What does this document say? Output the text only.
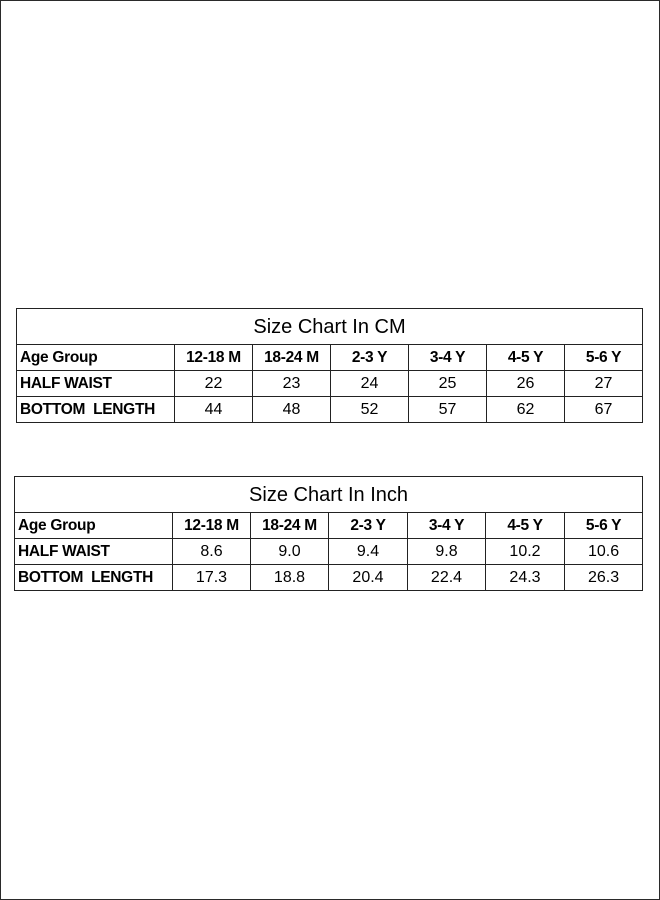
Size Chart In CM						
Age Group	12-18 M	18-24 M	2-3 Y	3-4 Y	4-5 Y	5-6 Y
HALF WAIST	22	23	24	25	26	27
BOTTOM  LENGTH	44	48	52	57	62	67
Size Chart In Inch						
Age Group	12-18 M	18-24 M	2-3 Y	3-4 Y	4-5 Y	5-6 Y
HALF WAIST	8.6	9.0	9.4	9.8	10.2	10.6
BOTTOM  LENGTH	17.3	18.8	20.4	22.4	24.3	26.3
